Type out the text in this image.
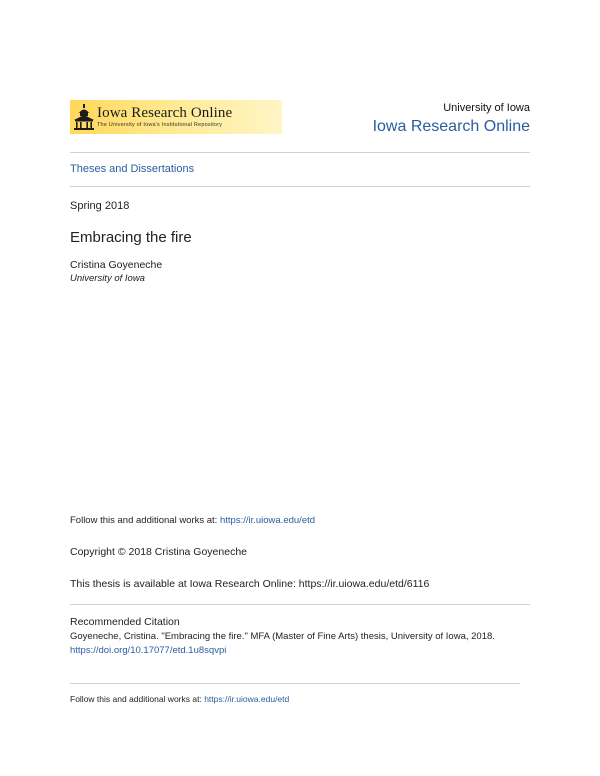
Iowa Research Online
The University of Iowa's Institutional Repository
University of Iowa
Iowa Research Online
Theses and Dissertations
Spring 2018
Embracing the fire
Cristina Goyeneche
University of Iowa
Follow this and additional works at: https://ir.uiowa.edu/etd
Copyright © 2018 Cristina Goyeneche
This thesis is available at Iowa Research Online: https://ir.uiowa.edu/etd/6116
Recommended Citation
Goyeneche, Cristina. "Embracing the fire." MFA (Master of Fine Arts) thesis, University of Iowa, 2018.
https://doi.org/10.17077/etd.1u8sqvpi
Follow this and additional works at: https://ir.uiowa.edu/etd
